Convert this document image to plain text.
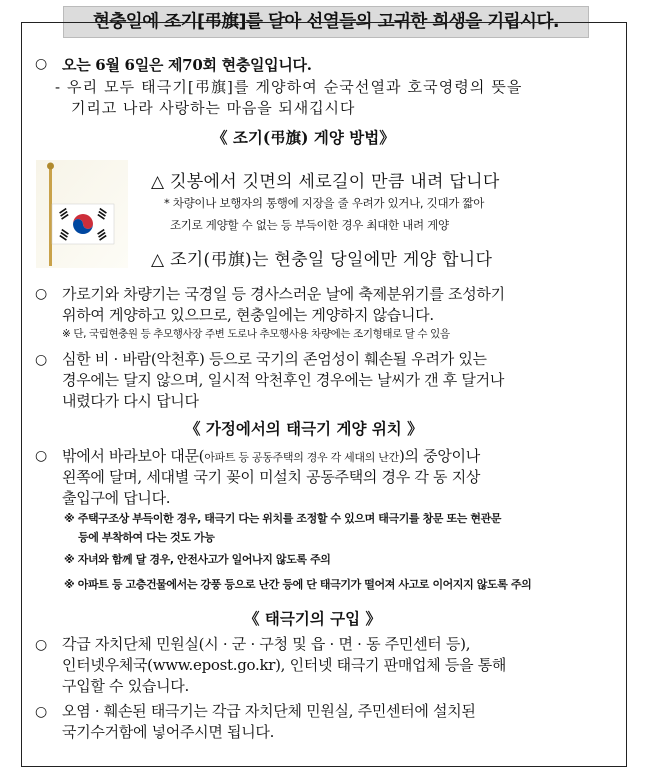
현충일에 조기[弔旗]를 달아 선열들의 고귀한 희생을 기립시다.
○ 오는 6월 6일은 제70회 현충일입니다.
- 우리 모두 태극기[弔旗]를 게양하여 순국선열과 호국영령의 뜻을
기리고 나라 사랑하는 마음을 되새깁시다
《 조기(弔旗) 게양 방법》
△ 깃봉에서 깃면의 세로길이 만큼 내려 답니다
* 차량이나 보행자의 통행에 지장을 줄 우려가 있거나, 깃대가 짧아
조기로 게양할 수 없는 등 부득이한 경우 최대한 내려 게양
△ 조기(弔旗)는 현충일 당일에만 게양 합니다
○ 가로기와 차량기는 국경일 등 경사스러운 날에 축제분위기를 조성하기
위하여 게양하고 있으므로, 현충일에는 게양하지 않습니다.
※ 단, 국립현충원 등 추모행사장 주변 도로나 추모행사용 차량에는 조기형태로 달 수 있음
○ 심한 비 · 바람(악천후) 등으로 국기의 존엄성이 훼손될 우려가 있는
경우에는 달지 않으며, 일시적 악천후인 경우에는 날씨가 갠 후 달거나
내렸다가 다시 답니다
《 가정에서의 태극기 게양 위치 》
○ 밖에서 바라보아 대문(아파트 등 공동주택의 경우 각 세대의 난간)의 중앙이나
왼쪽에 달며, 세대별 국기 꽂이 미설치 공동주택의 경우 각 동 지상
출입구에 답니다.
※ 주택구조상 부득이한 경우, 태극기 다는 위치를 조정할 수 있으며 태극기를 창문 또는 현관문
등에 부착하여 다는 것도 가능
※ 자녀와 함께 달 경우, 안전사고가 일어나지 않도록 주의
※ 아파트 등 고층건물에서는 강풍 등으로 난간 등에 단 태극기가 떨어져 사고로 이어지지 않도록 주의
《 태극기의 구입 》
○ 각급 자치단체 민원실(시 · 군 · 구청 및 읍 · 면 · 동 주민센터 등),
인터넷우체국(www.epost.go.kr), 인터넷 태극기 판매업체 등을 통해
구입할 수 있습니다.
○ 오염 · 훼손된 태극기는 각급 자치단체 민원실, 주민센터에 설치된
국기수거함에 넣어주시면 됩니다.
